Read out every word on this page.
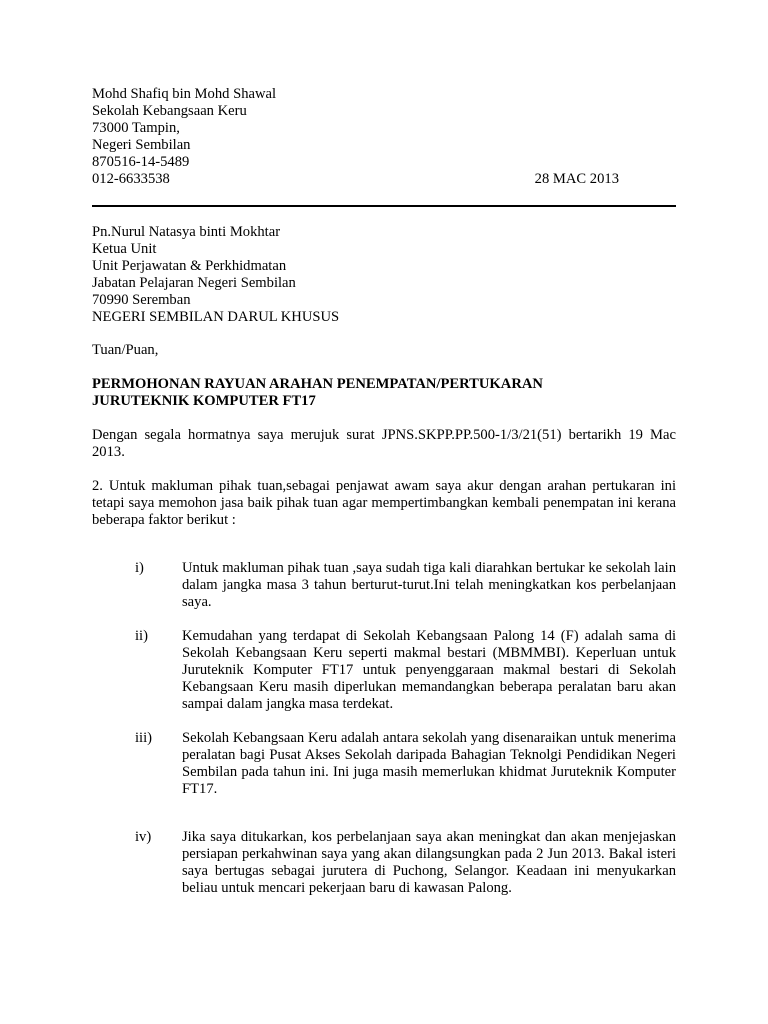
Mohd Shafiq bin Mohd Shawal
Sekolah Kebangsaan Keru
73000 Tampin,
Negeri Sembilan
870516-14-5489
012-6633538	28 MAC 2013
Pn.Nurul Natasya binti Mokhtar
Ketua Unit
Unit Perjawatan & Perkhidmatan
Jabatan Pelajaran Negeri Sembilan
70990 Seremban
NEGERI SEMBILAN DARUL KHUSUS
Tuan/Puan,
PERMOHONAN RAYUAN ARAHAN PENEMPATAN/PERTUKARAN
JURUTEKNIK KOMPUTER FT17
Dengan segala hormatnya saya merujuk surat JPNS.SKPP.PP.500-1/3/21(51) bertarikh 19 Mac 2013.
2. Untuk makluman pihak tuan,sebagai penjawat awam saya akur dengan arahan pertukaran ini tetapi saya memohon jasa baik pihak tuan agar mempertimbangkan kembali penempatan ini kerana beberapa faktor berikut :
i)	Untuk makluman pihak tuan ,saya sudah tiga kali diarahkan bertukar ke sekolah lain dalam jangka masa 3 tahun berturut-turut.Ini telah meningkatkan kos perbelanjaan saya.
ii) Kemudahan yang terdapat di Sekolah Kebangsaan Palong 14 (F) adalah sama di Sekolah Kebangsaan Keru seperti makmal bestari (MBMMBI). Keperluan untuk Juruteknik Komputer FT17 untuk penyenggaraan makmal bestari di Sekolah Kebangsaan Keru masih diperlukan memandangkan beberapa peralatan baru akan sampai dalam jangka masa terdekat.
iii) Sekolah Kebangsaan Keru adalah antara sekolah yang disenaraikan untuk menerima peralatan bagi Pusat Akses Sekolah daripada Bahagian Teknolgi Pendidikan Negeri Sembilan pada tahun ini. Ini juga masih memerlukan khidmat Juruteknik Komputer FT17.
iv) Jika saya ditukarkan, kos perbelanjaan saya akan meningkat dan akan menjejaskan persiapan perkahwinan saya yang akan dilangsungkan pada 2 Jun 2013. Bakal isteri saya bertugas sebagai jurutera di Puchong, Selangor. Keadaan ini menyukarkan beliau untuk mencari pekerjaan baru di kawasan Palong.
